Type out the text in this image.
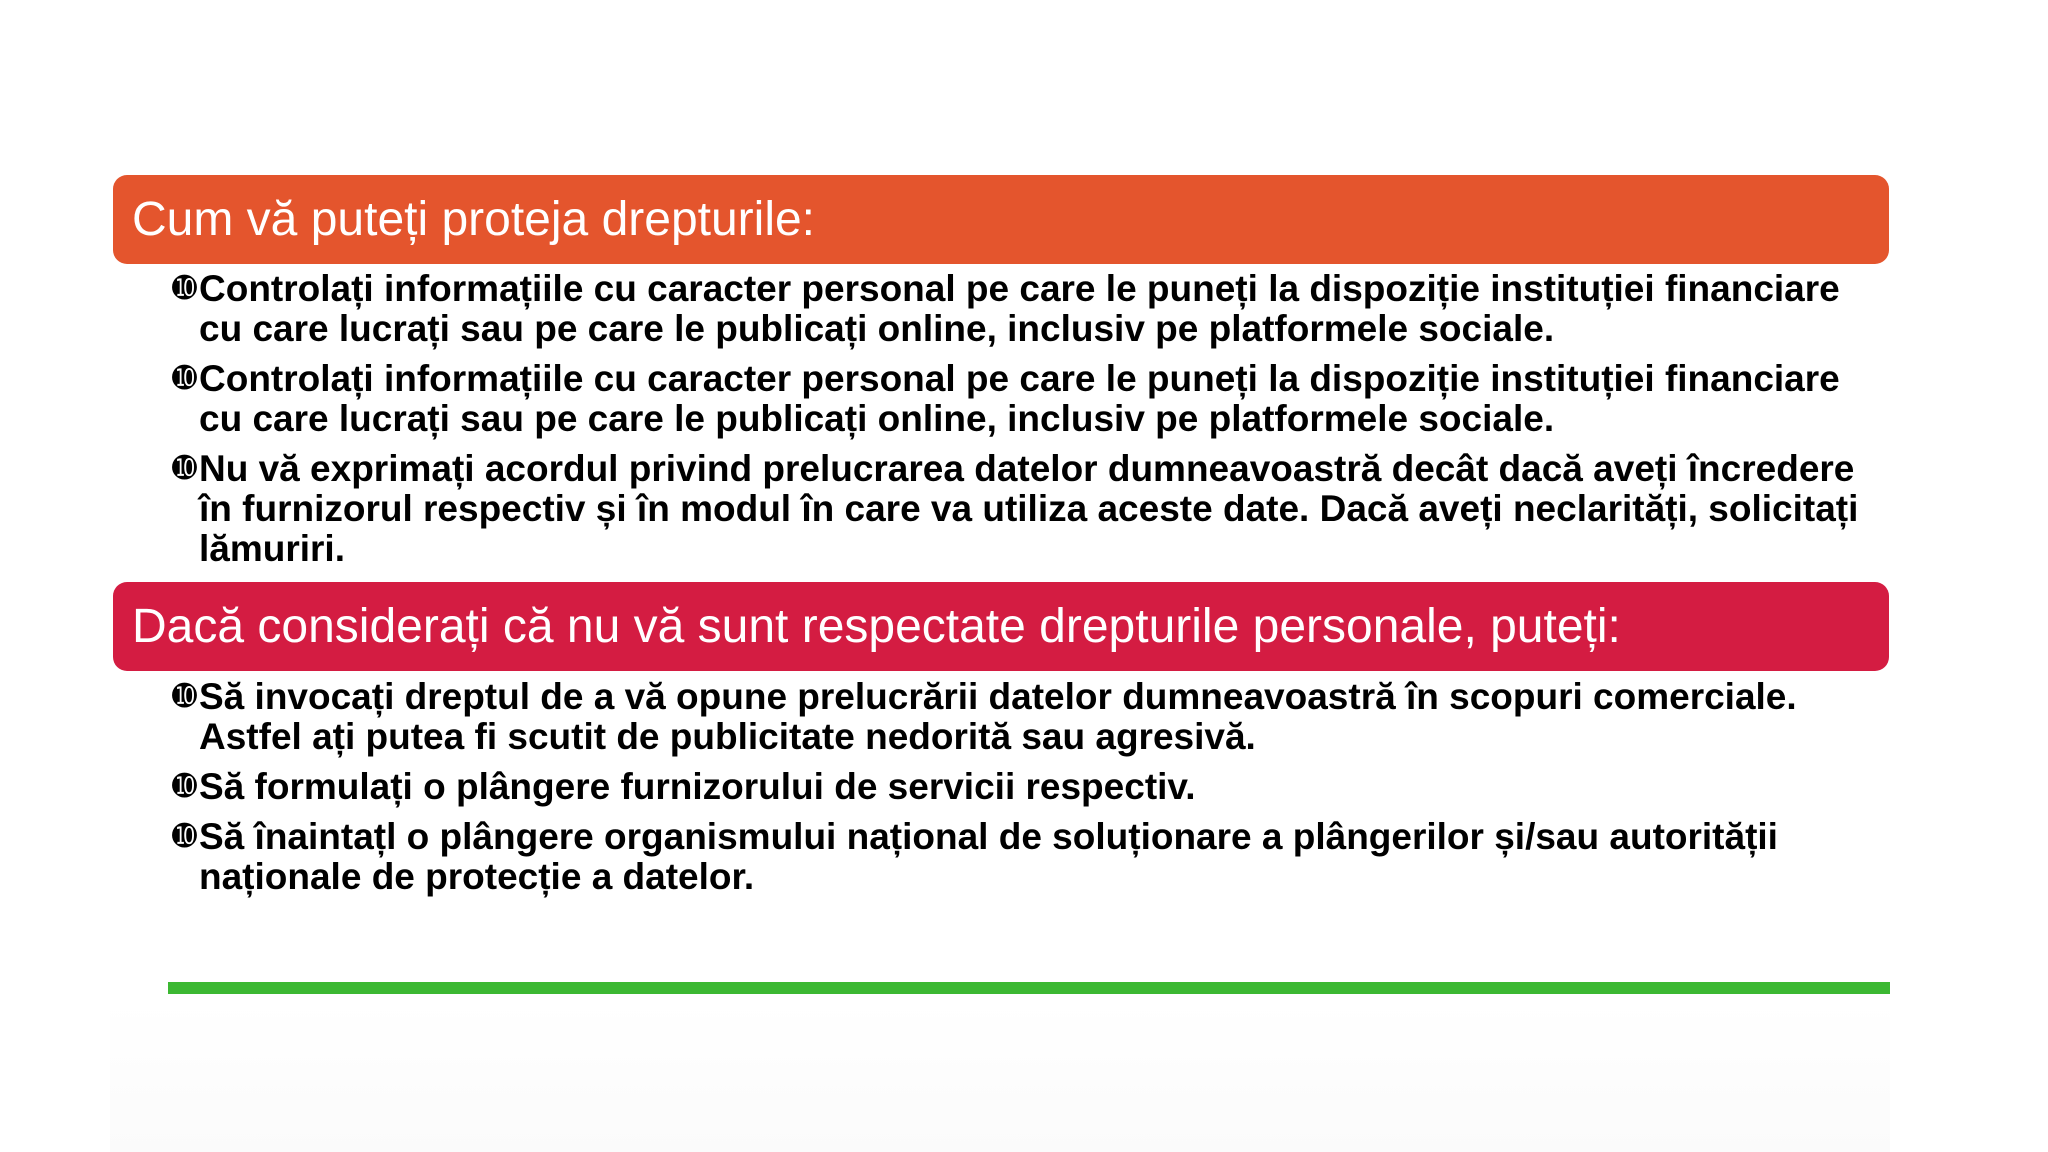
Cum vă puteți proteja drepturile:
➓ Controlați informațiile cu caracter personal pe care le puneți la dispoziție instituției financiare cu care lucrați sau pe care le publicați online, inclusiv pe platformele sociale.
➓ Controlați informațiile cu caracter personal pe care le puneți la dispoziție instituției financiare cu care lucrați sau pe care le publicați online, inclusiv pe platformele sociale.
➓ Nu vă exprimați acordul privind prelucrarea datelor dumneavoastră decât dacă aveți încredere în furnizorul respectiv și în modul în care va utiliza aceste date. Dacă aveți neclarități, solicitați lămuriri.
Dacă considerați că nu vă sunt respectate drepturile personale, puteți:
➓ Să invocați dreptul de a vă opune prelucrării datelor dumneavoastră în scopuri comerciale. Astfel ați putea fi scutit de publicitate nedorită sau agresivă.
➓ Să formulați o plângere furnizorului de servicii respectiv.
➓ Să înaintațl o plângere organismului național de soluționare a plângerilor și/sau autorității naționale de protecție a datelor.
